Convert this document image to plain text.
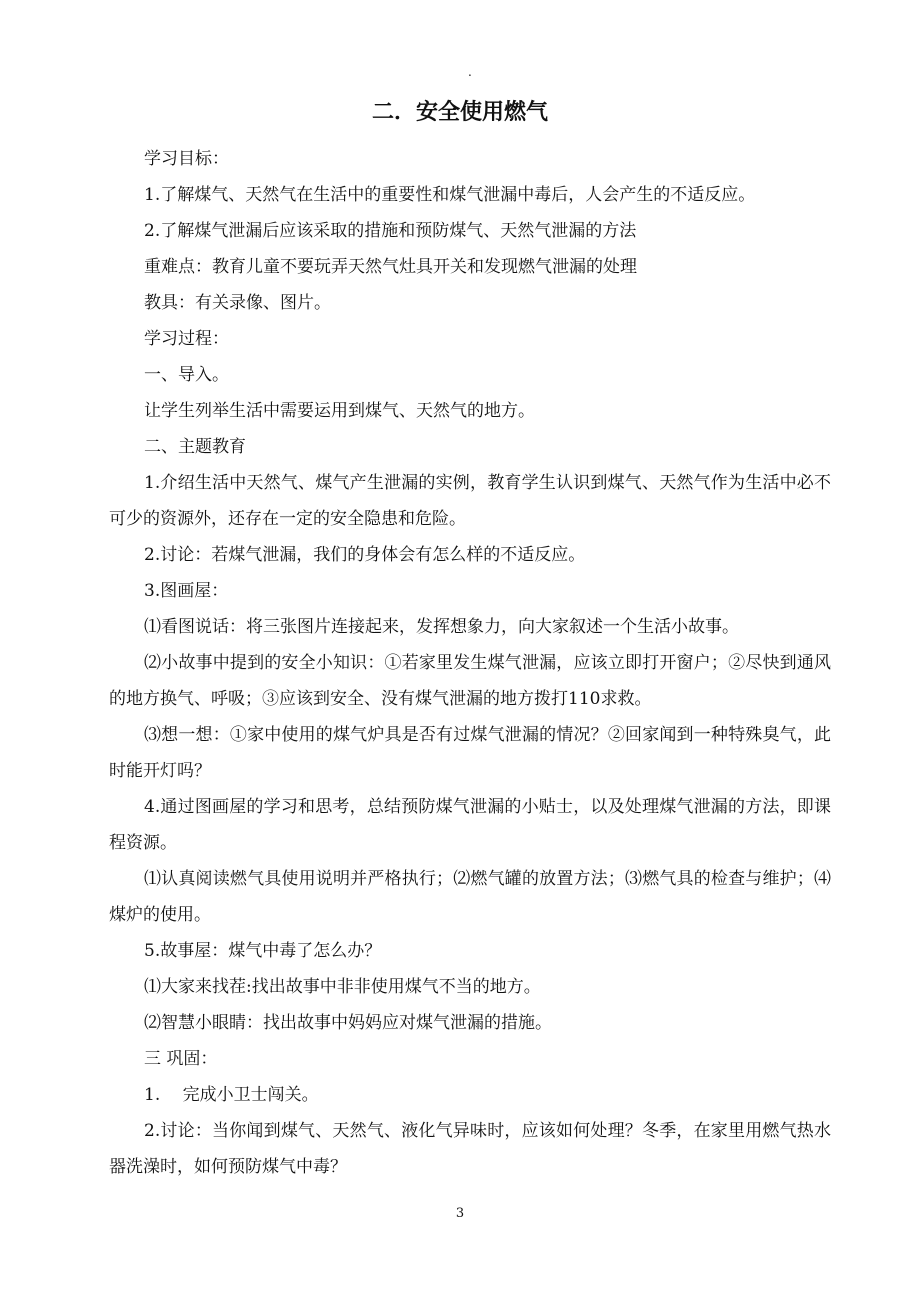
.
二．安全使用燃气

学习目标：

1.了解煤气、天然气在生活中的重要性和煤气泄漏中毒后，人会产生的不适反应。

2.了解煤气泄漏后应该采取的措施和预防煤气、天然气泄漏的方法

重难点：教育儿童不要玩弄天然气灶具开关和发现燃气泄漏的处理

教具：有关录像、图片。

学习过程：

一、导入。

让学生列举生活中需要运用到煤气、天然气的地方。

二、主题教育

1.介绍生活中天然气、煤气产生泄漏的实例，教育学生认识到煤气、天然气作为生活中必不可少的资源外，还存在一定的安全隐患和危险。

2.讨论：若煤气泄漏，我们的身体会有怎么样的不适反应。

3.图画屋：

⑴看图说话：将三张图片连接起来，发挥想象力，向大家叙述一个生活小故事。

⑵小故事中提到的安全小知识：①若家里发生煤气泄漏，应该立即打开窗户；②尽快到通风的地方换气、呼吸；③应该到安全、没有煤气泄漏的地方拨打110求救。

⑶想一想：①家中使用的煤气炉具是否有过煤气泄漏的情况？②回家闻到一种特殊臭气，此时能开灯吗？

4.通过图画屋的学习和思考，总结预防煤气泄漏的小贴士，以及处理煤气泄漏的方法，即课程资源。

⑴认真阅读燃气具使用说明并严格执行；⑵燃气罐的放置方法；⑶燃气具的检查与维护；⑷煤炉的使用。

5.故事屋：煤气中毒了怎么办？

⑴大家来找茬:找出故事中非非使用煤气不当的地方。

⑵智慧小眼睛：找出故事中妈妈应对煤气泄漏的措施。

三 巩固：

1.　 完成小卫士闯关。

2.讨论：当你闻到煤气、天然气、液化气异味时，应该如何处理？冬季，在家里用燃气热水器洗澡时，如何预防煤气中毒？

3
